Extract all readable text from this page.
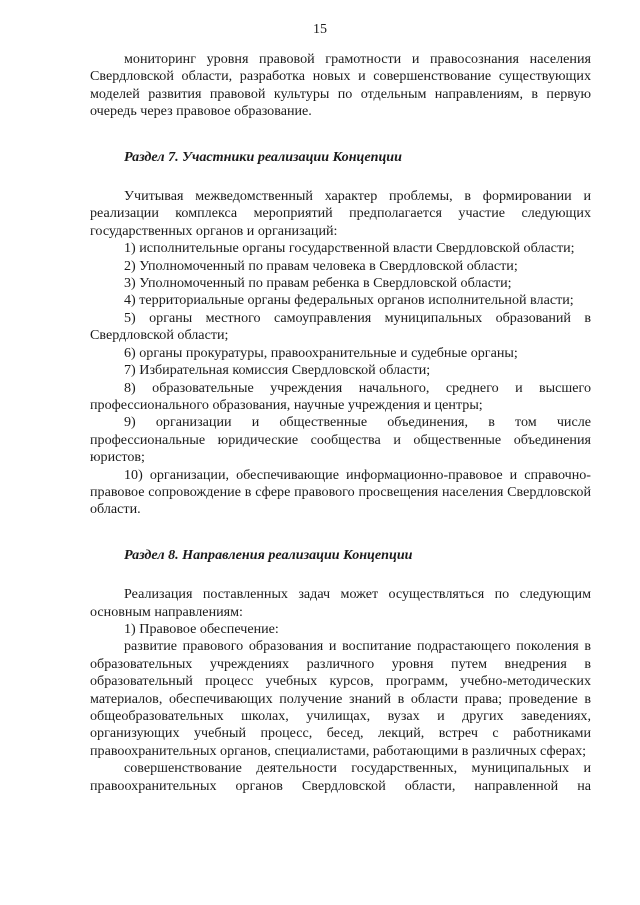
15

мониторинг уровня правовой грамотности и правосознания населения Свердловской области, разработка новых и совершенствование существующих моделей развития правовой культуры по отдельным направлениям, в первую очередь через правовое образование.

Раздел 7. Участники реализации Концепции

Учитывая межведомственный характер проблемы, в формировании и реализации комплекса мероприятий предполагается участие следующих государственных органов и организаций:

1) исполнительные органы государственной власти Свердловской области;

2) Уполномоченный по правам человека в Свердловской области;

3) Уполномоченный по правам ребенка в Свердловской области;

4) территориальные органы федеральных органов исполнительной власти;

5) органы местного самоуправления муниципальных образований в Свердловской области;

6) органы прокуратуры, правоохранительные и судебные органы;

7) Избирательная комиссия Свердловской области;

8) образовательные учреждения начального, среднего и высшего профессионального образования, научные учреждения и центры;

9) организации и общественные объединения, в том числе профессиональные юридические сообщества и общественные объединения юристов;

10) организации, обеспечивающие информационно-правовое и справочно-правовое сопровождение в сфере правового просвещения населения Свердловской области.

Раздел 8. Направления реализации Концепции

Реализация поставленных задач может осуществляться по следующим основным направлениям:

1) Правовое обеспечение:

развитие правового образования и воспитание подрастающего поколения в образовательных учреждениях различного уровня путем внедрения в образовательный процесс учебных курсов, программ, учебно-методических материалов, обеспечивающих получение знаний в области права; проведение в общеобразовательных школах, училищах, вузах и других заведениях, организующих учебный процесс, бесед, лекций, встреч с работниками правоохранительных органов, специалистами, работающими в различных сферах;

совершенствование деятельности государственных, муниципальных и правоохранительных органов Свердловской области, направленной на
